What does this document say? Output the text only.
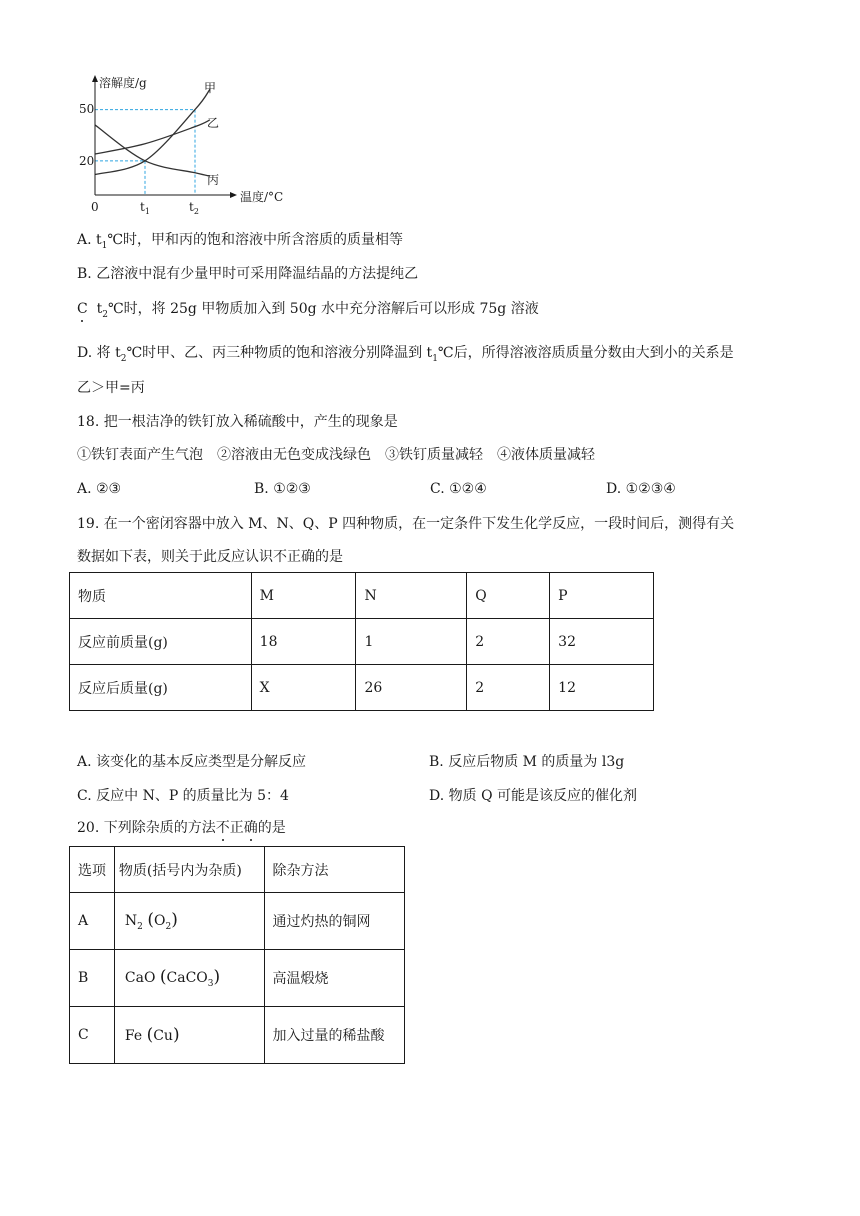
溶解度/g
温度/°C
0
50
20
$t_1$	$t_2$
甲
乙
丙
A. $t_1℃$时，甲和丙的饱和溶液中所含溶质的质量相等
B. 乙溶液中混有少量甲时可采用降温结晶的方法提纯乙
C $t_2℃$时，将 25g 甲物质加入到 50g 水中充分溶解后可以形成 75g 溶液
D. 将 $t_2℃$时甲、乙、丙三种物质的饱和溶液分别降温到 $t_1℃$后，所得溶液溶质质量分数由大到小的关系是
乙＞甲=丙
18. 把一根洁净的铁钉放入稀硫酸中，产生的现象是
①铁钉表面产生气泡　②溶液由无色变成浅绿色　③铁钉质量减轻　④液体质量减轻
A. ②③	B. ①②③	C. ①②④	D. ①②③④
19. 在一个密闭容器中放入 M、N、Q、P 四种物质，在一定条件下发生化学反应，一段时间后，测得有关
数据如下表，则关于此反应认识不正确的是
物质	M	N	Q	P
反应前质量(g)	18	1	2	32
反应后质量(g)	X	26	2	12
A. 该变化的基本反应类型是分解反应	B. 反应后物质 M 的质量为 l3g
C. 反应中 N、P 的质量比为 5：4	D. 物质 Q 可能是该反应的催化剂
20. 下列除杂质的方法不正确的是
选项	物质(括号内为杂质)	除杂方法
A	$N_2$ $(O_2)$	通过灼热的铜网
B	CaO (CaCO$_3$)	高温煅烧
C	Fe (Cu)	加入过量的稀盐酸
